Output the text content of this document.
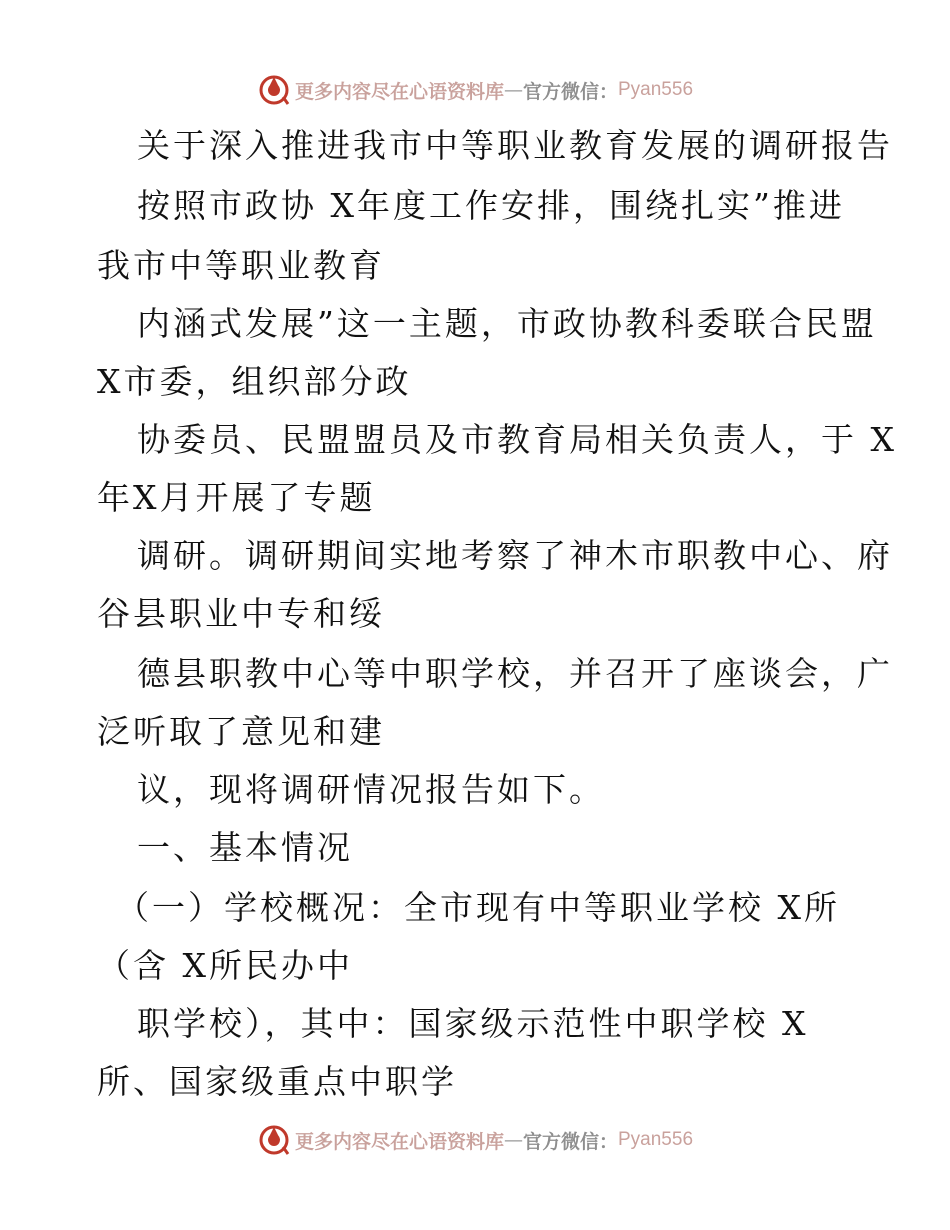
更多内容尽在心语资料库 — 官方微信： Pyan556
关于深入推进我市中等职业教育发展的调研报告
按照市政协 X年度工作安排，围绕扎实”推进
我市中等职业教育
内涵式发展”这一主题，市政协教科委联合民盟
X市委，组织部分政
协委员、民盟盟员及市教育局相关负责人，于 X
年X月开展了专题
调研。调研期间实地考察了神木市职教中心、府
谷县职业中专和绥
德县职教中心等中职学校，并召开了座谈会，广
泛听取了意见和建
议，现将调研情况报告如下。
一、基本情况
（一）学校概况：全市现有中等职业学校 X所
（含 X所民办中
职学校），其中：国家级示范性中职学校 X
所、国家级重点中职学
更多内容尽在心语资料库 — 官方微信： Pyan556
